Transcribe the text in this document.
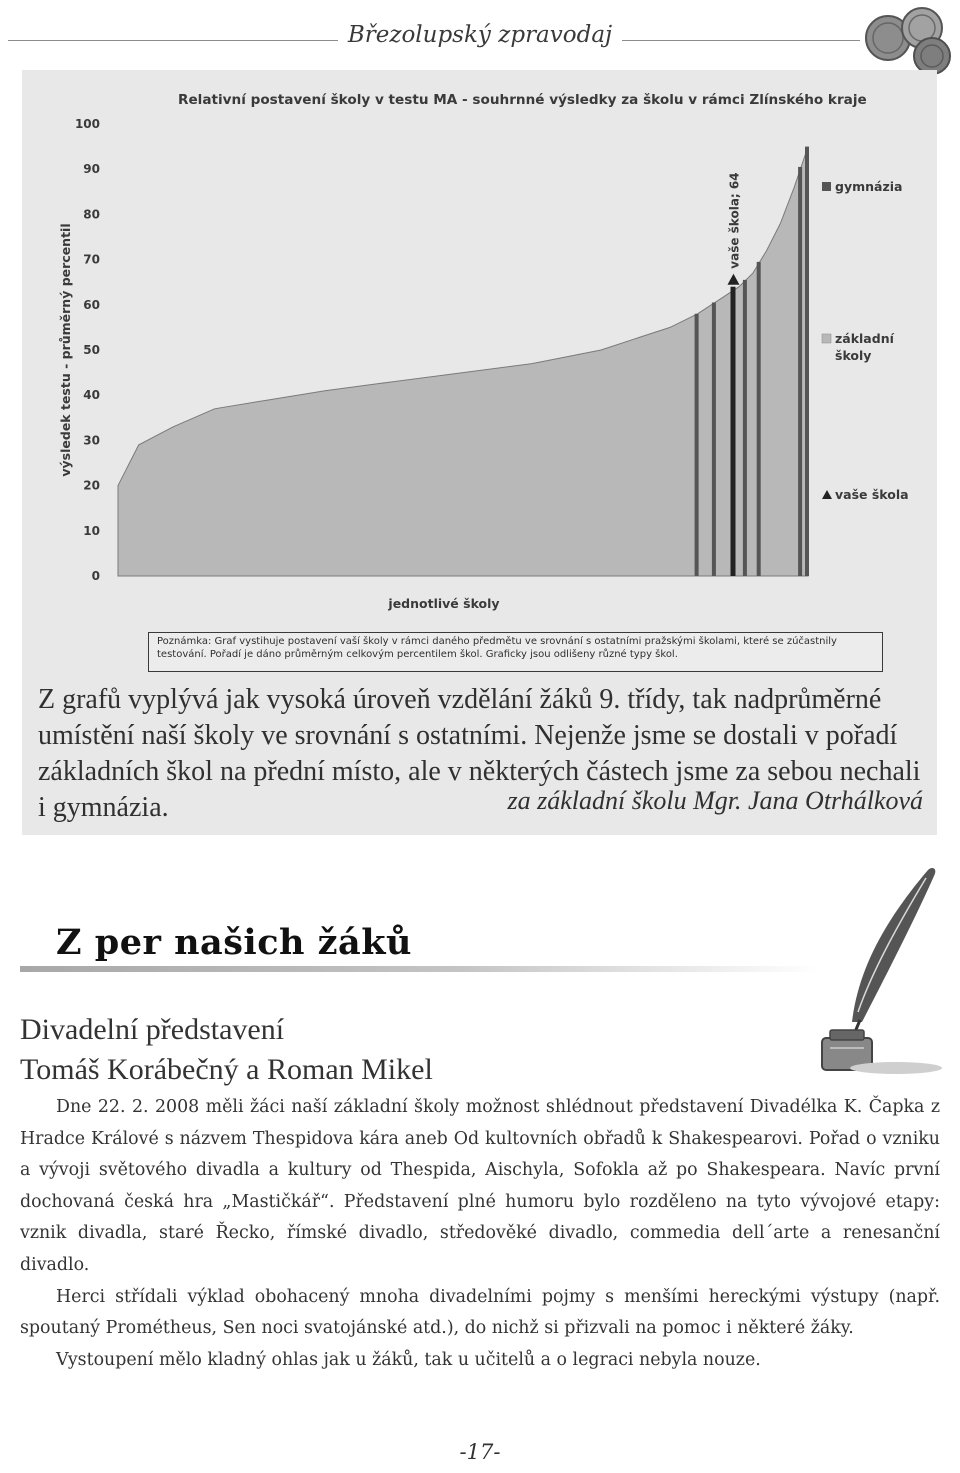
Březolupský zpravodaj
Relativní postavení školy v testu MA - souhrnné výsledky za školu v rámci Zlínského kraje
výsledek testu - průměrný percentil
0
10
20
30
40
50
60
70
80
90
100
vaše škola; 64
jednotlivé školy
gymnázia
základní školy
vaše škola
Poznámka: Graf vystihuje postavení vaší školy v rámci daného předmětu ve srovnání s ostatními pražskými školami, které se zúčastnily testování. Pořadí je dáno průměrným celkovým percentilem škol. Graficky jsou odlišeny různé typy škol.
Z grafů vyplývá jak vysoká úroveň vzdělání žáků 9. třídy, tak nadprůměrné umístění naší školy ve srovnání s ostatními. Nejenže jsme se dostali v pořadí základních škol na přední místo, ale v některých částech jsme za sebou nechali i gymnázia.	za základní školu Mgr. Jana Otrhálková
Z per našich žáků
Divadelní představení
Tomáš Korábečný a Roman Mikel

Dne 22. 2. 2008 měli žáci naší základní školy možnost shlédnout představení Divadélka K. Čapka z Hradce Králové s názvem Thespidova kára aneb Od kultovních obřadů k Shakespearovi. Pořad o vzniku a vývoji světového divadla a kultury od Thespida, Aischyla, Sofokla až po Shakespeara. Navíc první dochovaná česká hra „Mastičkář“. Představení plné humoru bylo rozděleno na tyto vývojové etapy: vznik divadla, staré Řecko, římské divadlo, středověké divadlo, commedia dell´arte a renesanční divadlo.

Herci střídali výklad obohacený mnoha divadelními pojmy s menšími hereckými výstupy (např. spoutaný Prométheus, Sen noci svatojánské atd.), do nichž si přizvali na pomoc i některé žáky.

Vystoupení mělo kladný ohlas jak u žáků, tak u učitelů a o legraci nebyla nouze.

-17-
